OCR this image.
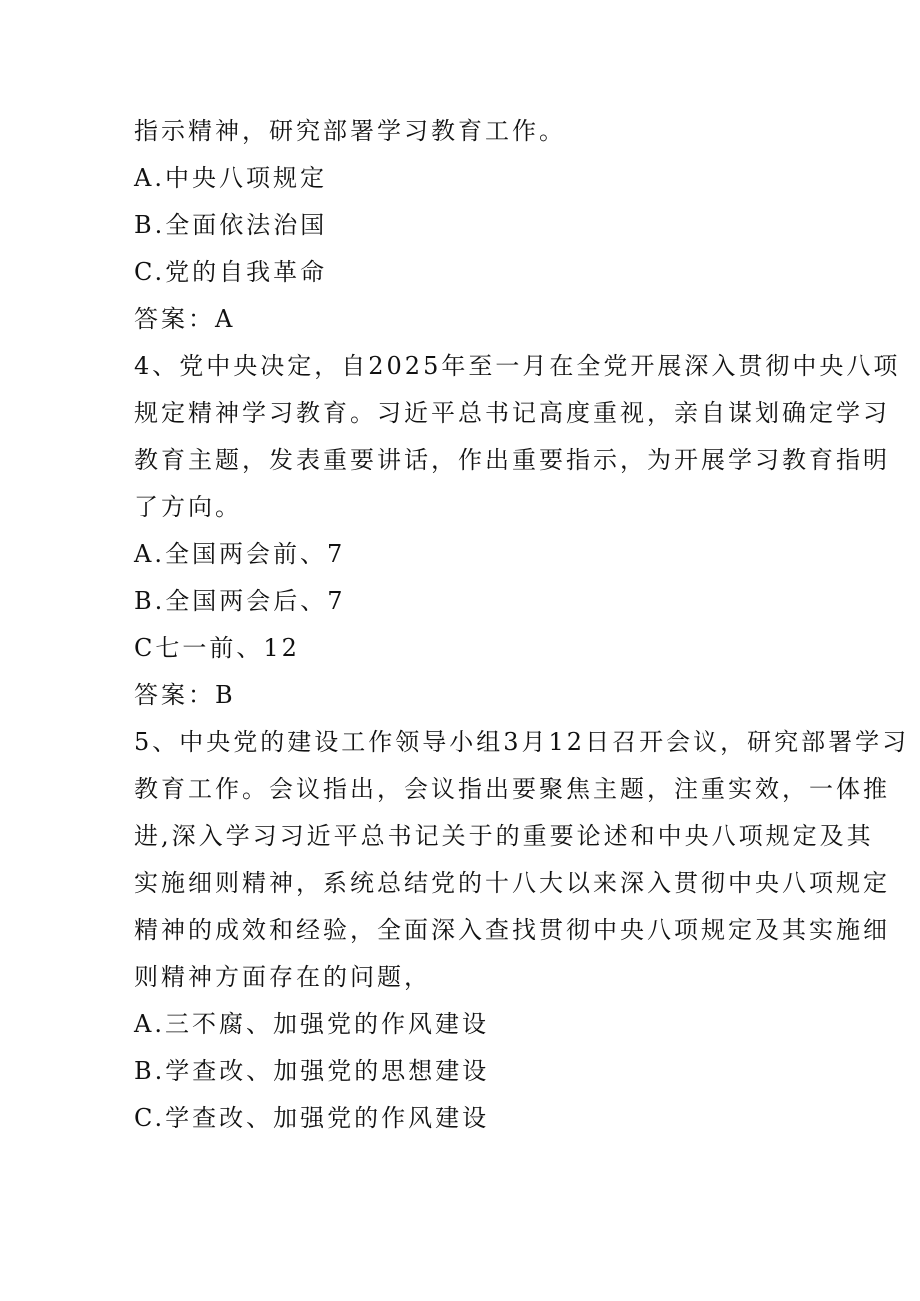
指示精神，研究部署学习教育工作。

A.中央八项规定

B.全面依法治国

C.党的自我革命

答案：A

4、党中央决定，自2025年至一月在全党开展深入贯彻中央八项
规定精神学习教育。习近平总书记高度重视，亲自谋划确定学习
教育主题，发表重要讲话，作出重要指示，为开展学习教育指明
了方向。

A.全国两会前、7

B.全国两会后、7

C七一前、12

答案：B

5、中央党的建设工作领导小组3月12日召开会议，研究部署学习
教育工作。会议指出，会议指出要聚焦主题，注重实效，一体推
进,深入学习习近平总书记关于的重要论述和中央八项规定及其
实施细则精神，系统总结党的十八大以来深入贯彻中央八项规定
精神的成效和经验，全面深入查找贯彻中央八项规定及其实施细
则精神方面存在的问题，

A.三不腐、加强党的作风建设

B.学查改、加强党的思想建设

C.学查改、加强党的作风建设
